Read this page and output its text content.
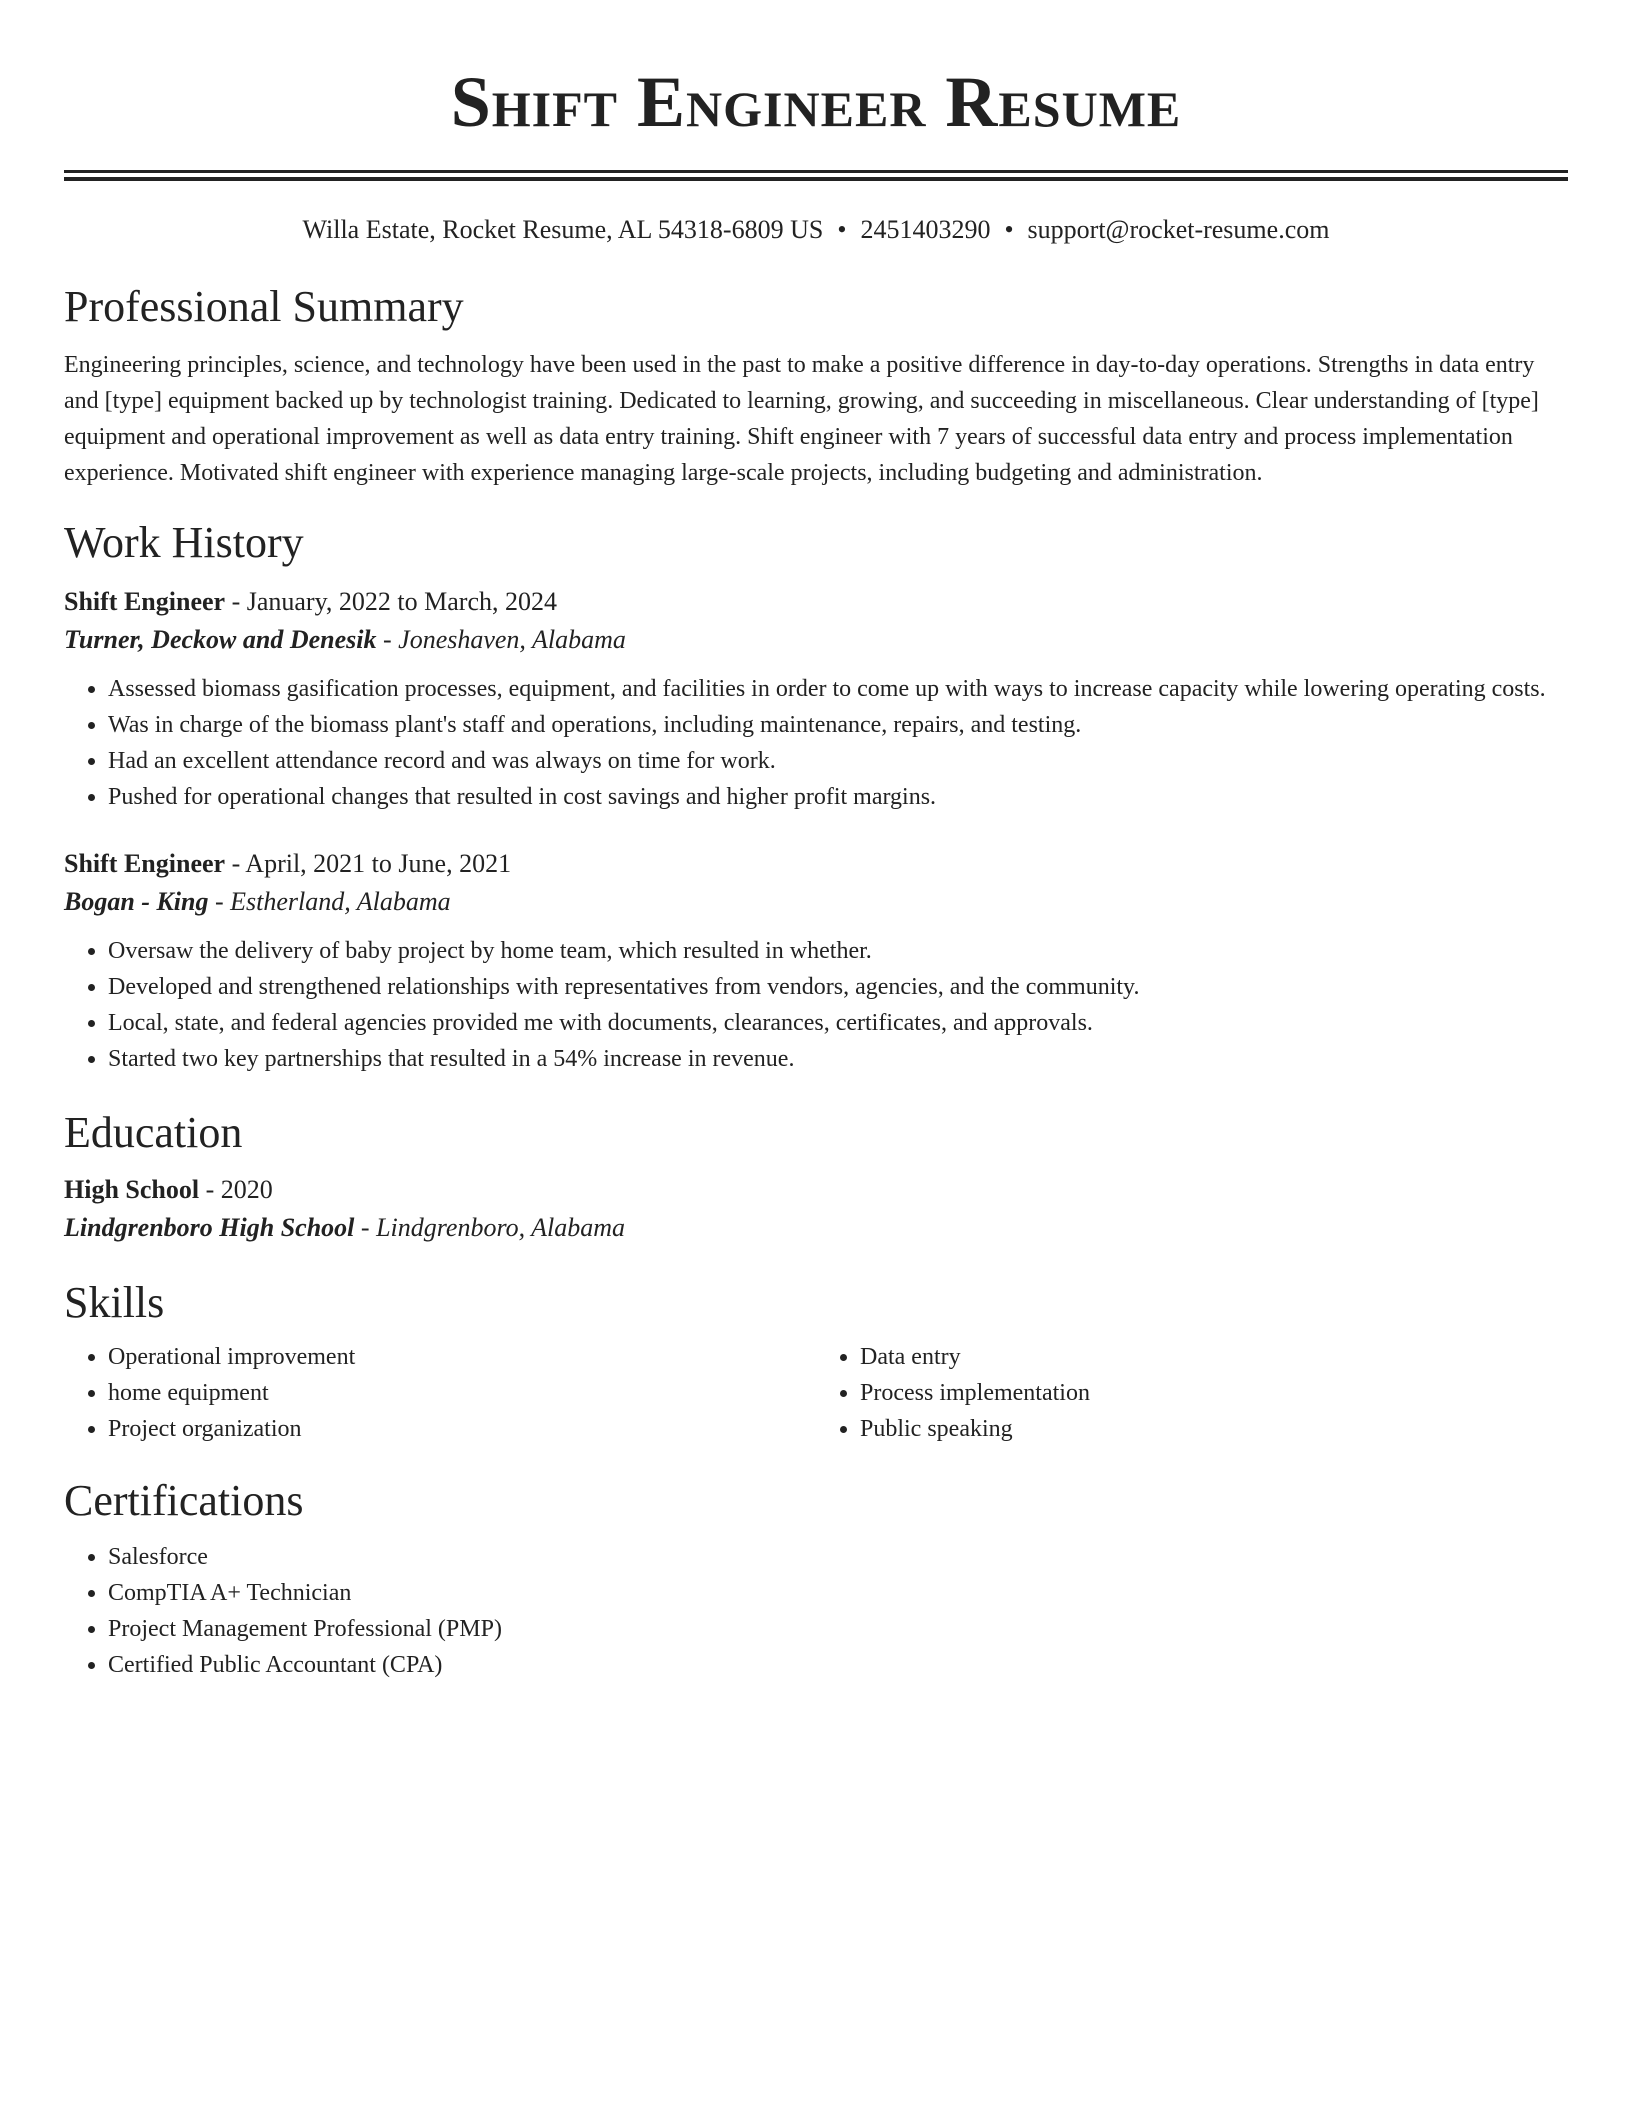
Shift Engineer Resume
Willa Estate, Rocket Resume, AL 54318-6809 US • 2451403290 • support@rocket-resume.com
Professional Summary

Engineering principles, science, and technology have been used in the past to make a positive difference in day-to-day operations. Strengths in data entry and [type] equipment backed up by technologist training. Dedicated to learning, growing, and succeeding in miscellaneous. Clear understanding of [type] equipment and operational improvement as well as data entry training. Shift engineer with 7 years of successful data entry and process implementation experience. Motivated shift engineer with experience managing large-scale projects, including budgeting and administration.

Work History
Shift Engineer - January, 2022 to March, 2024
Turner, Deckow and Denesik - Joneshaven, Alabama
• Assessed biomass gasification processes, equipment, and facilities in order to come up with ways to increase capacity while lowering operating costs.
• Was in charge of the biomass plant's staff and operations, including maintenance, repairs, and testing.
• Had an excellent attendance record and was always on time for work.
• Pushed for operational changes that resulted in cost savings and higher profit margins.
Shift Engineer - April, 2021 to June, 2021
Bogan - King - Estherland, Alabama
• Oversaw the delivery of baby project by home team, which resulted in whether.
• Developed and strengthened relationships with representatives from vendors, agencies, and the community.
• Local, state, and federal agencies provided me with documents, clearances, certificates, and approvals.
• Started two key partnerships that resulted in a 54% increase in revenue.
Education
High School - 2020
Lindgrenboro High School - Lindgrenboro, Alabama
Skills
• Operational improvement
• home equipment
• Project organization
• Data entry
• Process implementation
• Public speaking
Certifications
• Salesforce
• CompTIA A+ Technician
• Project Management Professional (PMP)
• Certified Public Accountant (CPA)
